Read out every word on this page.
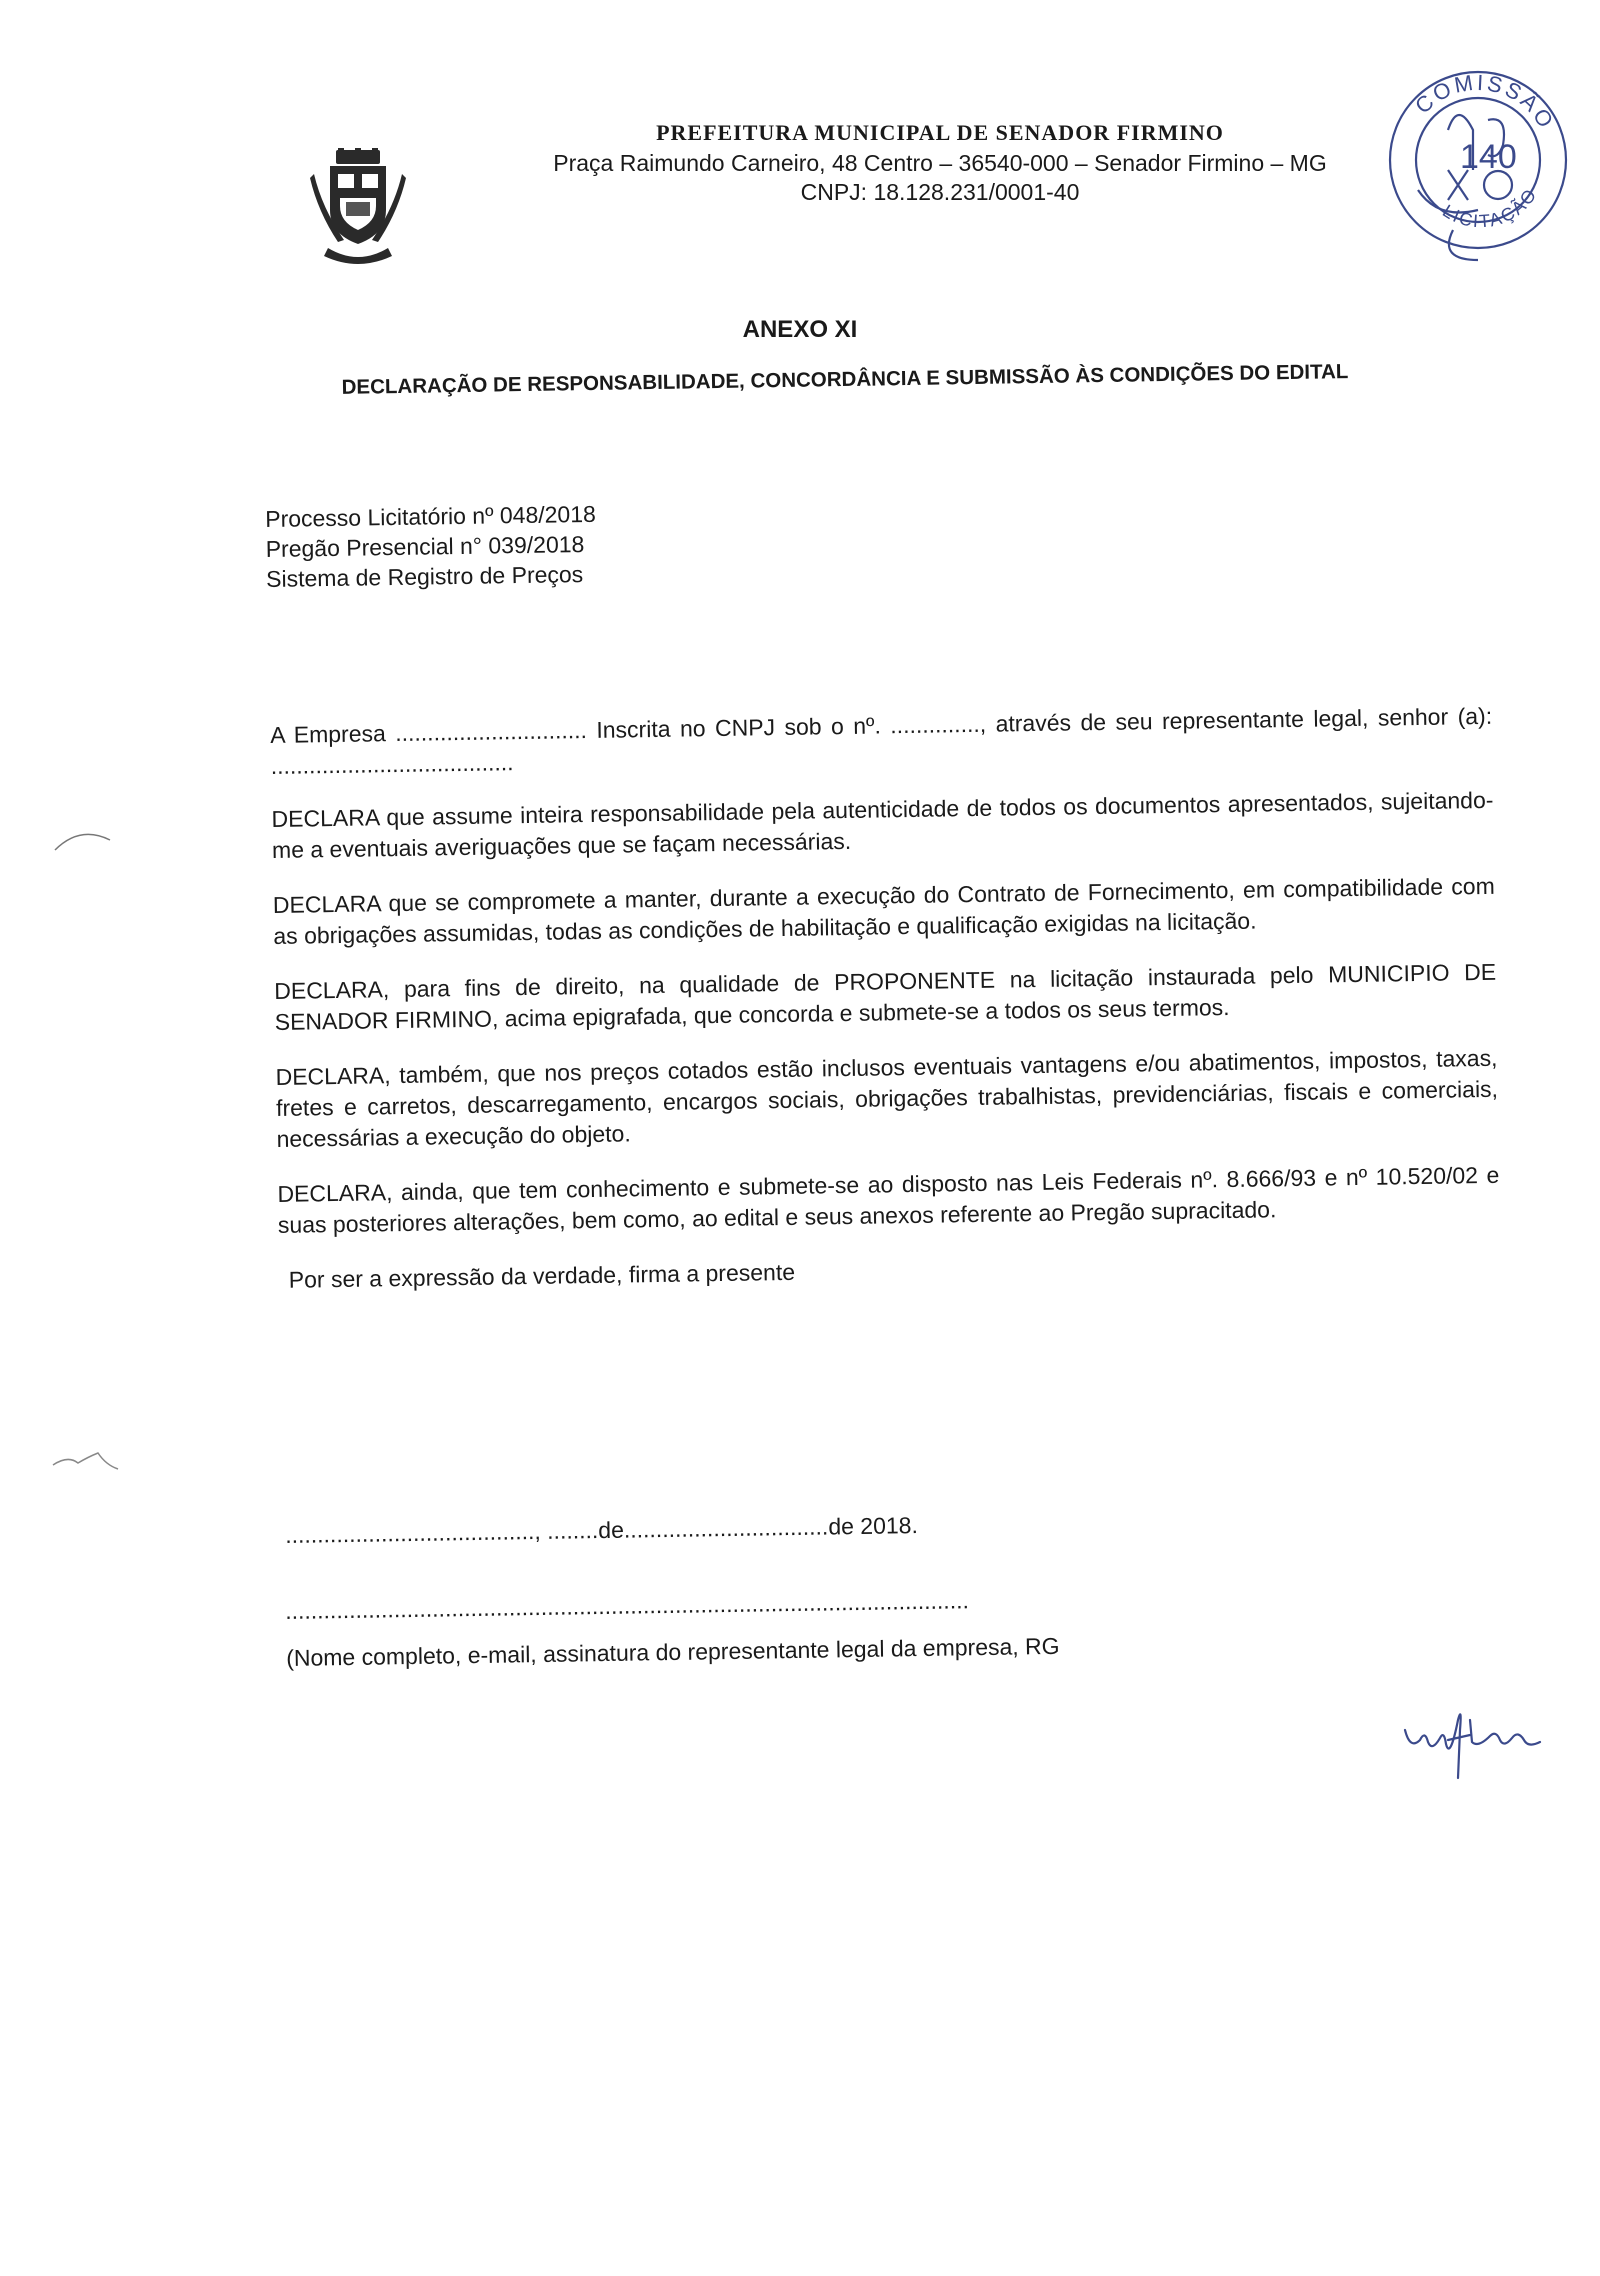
PREFEITURA MUNICIPAL DE SENADOR FIRMINO

Praça Raimundo Carneiro, 48 Centro – 36540-000 – Senador Firmino – MG

CNPJ: 18.128.231/0001-40

COMISSÃO
LICITAÇÃO
140
ANEXO XI
DECLARAÇÃO DE RESPONSABILIDADE, CONCORDÂNCIA E SUBMISSÃO ÀS CONDIÇÕES DO EDITAL
Processo Licitatório nº 048/2018
Pregão Presencial n° 039/2018
Sistema de Registro de Preços

A Empresa .............................. Inscrita no CNPJ sob o nº. .............., através de seu representante legal, senhor (a): ......................................

DECLARA que assume inteira responsabilidade pela autenticidade de todos os documentos apresentados, sujeitando-me a eventuais averiguações que se façam necessárias.

DECLARA que se compromete a manter, durante a execução do Contrato de Fornecimento, em compatibilidade com as obrigações assumidas, todas as condições de habilitação e qualificação exigidas na licitação.

DECLARA, para fins de direito, na qualidade de PROPONENTE na licitação instaurada pelo MUNICIPIO DE SENADOR FIRMINO, acima epigrafada, que concorda e submete-se a todos os seus termos.

DECLARA, também, que nos preços cotados estão inclusos eventuais vantagens e/ou abatimentos, impostos, taxas, fretes e carretos, descarregamento, encargos sociais, obrigações trabalhistas, previdenciárias, fiscais e comerciais, necessárias a execução do objeto.

DECLARA, ainda, que tem conhecimento e submete-se ao disposto nas Leis Federais nº. 8.666/93 e nº 10.520/02 e suas posteriores alterações, bem como, ao edital e seus anexos referente ao Pregão supracitado.

Por ser a expressão da verdade, firma a presente

......................................., ........de................................de 2018.
...........................................................................................................
(Nome completo, e-mail, assinatura do representante legal da empresa, RG
